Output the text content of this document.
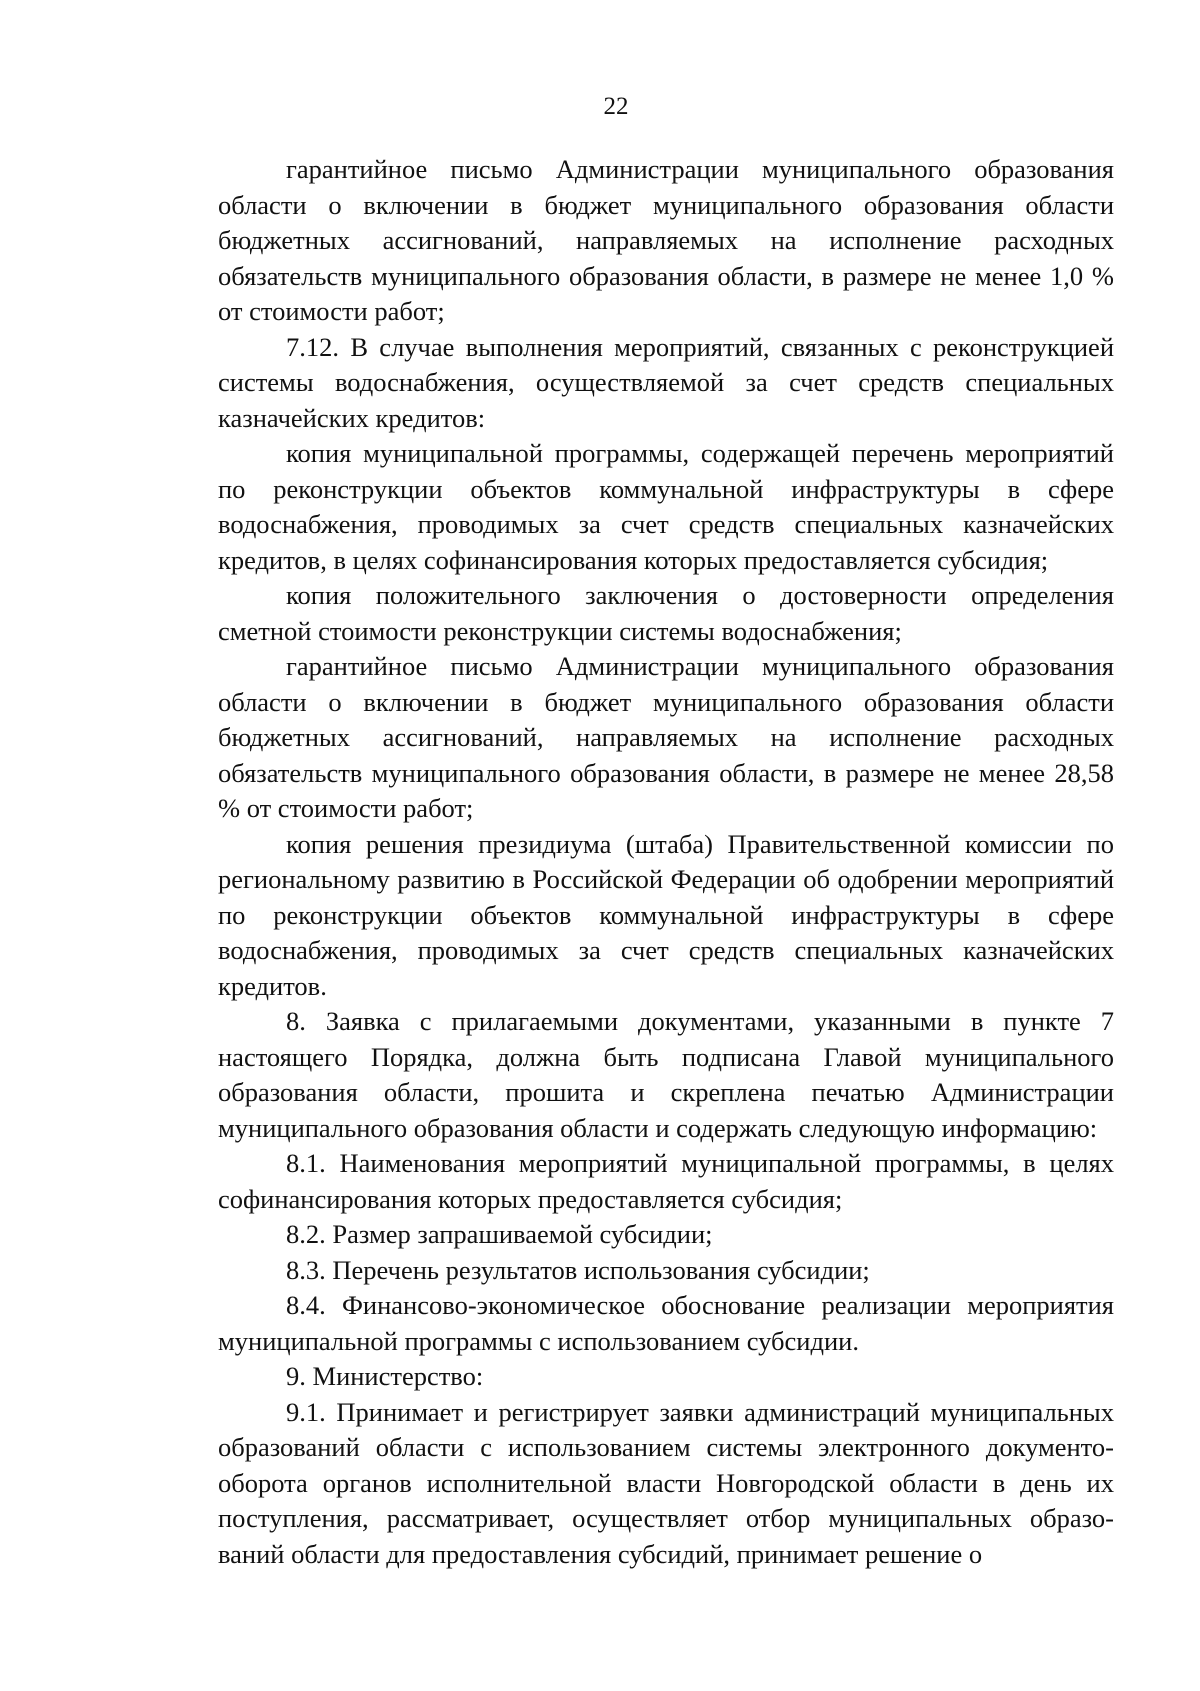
22

гарантийное письмо Администрации муниципального образования области о включении в бюджет муниципального образования области бюджетных ассигнований, направляемых на исполнение расходных обязательств муниципального образования области, в размере не менее 1,0 % от стоимости работ;

7.12. В случае выполнения мероприятий, связанных с реконструкцией системы водоснабжения, осуществляемой за счет средств специальных казначейских кредитов:

копия муниципальной программы, содержащей перечень мероприятий по реконструкции объектов коммунальной инфраструктуры в сфере водоснабжения, проводимых за счет средств специальных казначейских кредитов, в целях софинансирования которых предоставляется субсидия;

копия положительного заключения о достоверности определения сметной стоимости реконструкции системы водоснабжения;

гарантийное письмо Администрации муниципального образования области о включении в бюджет муниципального образования области бюджетных ассигнований, направляемых на исполнение расходных обязательств муниципального образования области, в размере не менее 28,58 % от стоимости работ;

копия решения президиума (штаба) Правительственной комиссии по региональному развитию в Российской Федерации об одобрении мероприятий по реконструкции объектов коммунальной инфраструктуры в сфере водоснабжения, проводимых за счет средств специальных казначейских кредитов.

8. Заявка с прилагаемыми документами, указанными в пункте 7 настоящего Порядка, должна быть подписана Главой муниципального образования области, прошита и скреплена печатью Администрации муниципального образования области и содержать следующую информацию:

8.1. Наименования мероприятий муниципальной программы, в целях софинансирования которых предоставляется субсидия;

8.2. Размер запрашиваемой субсидии;

8.3. Перечень результатов использования субсидии;

8.4. Финансово-экономическое обоснование реализации мероприятия муниципальной программы с использованием субсидии.

9. Министерство:

9.1. Принимает и регистрирует заявки администраций муниципальных образований области с использованием системы электронного документооборота органов исполнительной власти Новгородской области в день их поступления, рассматривает, осуществляет отбор муниципальных образований области для предоставления субсидий, принимает решение о
